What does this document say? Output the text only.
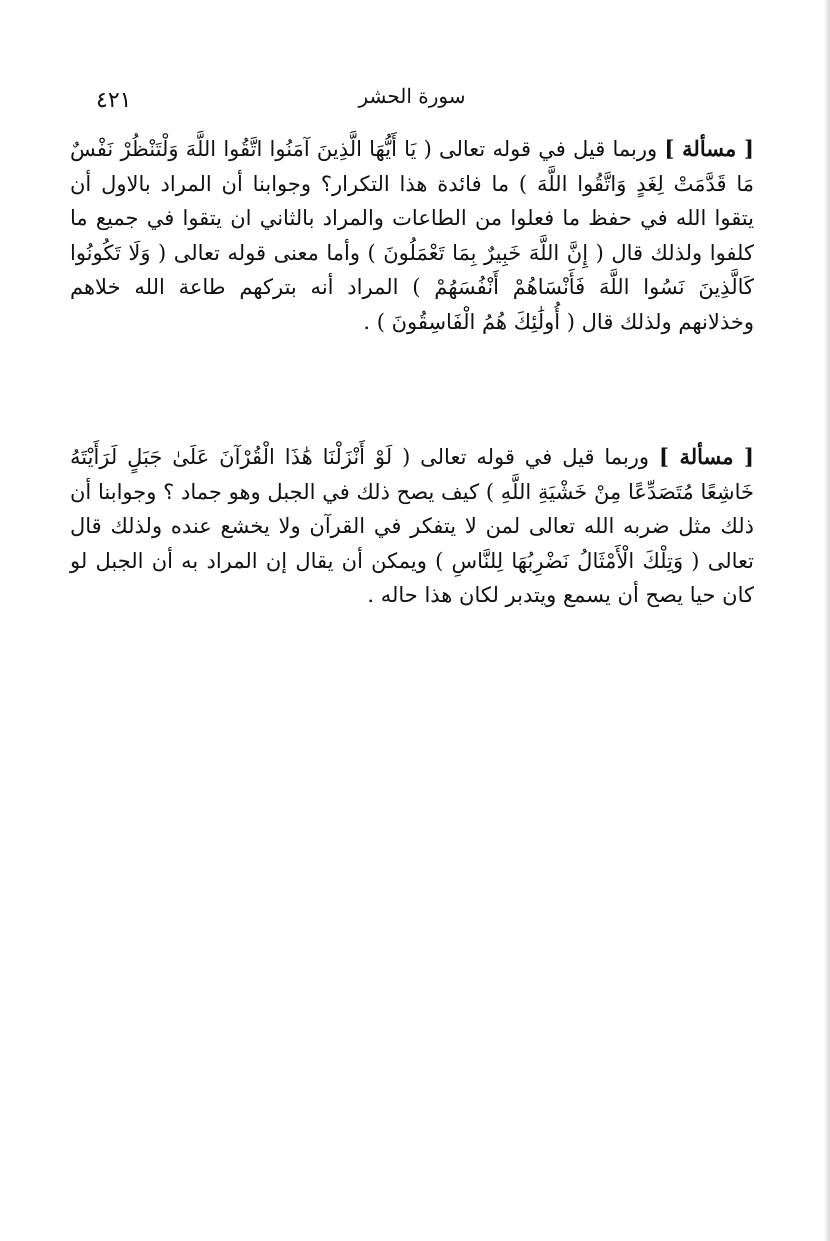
٤٢١	سورة الحشر
[ مسألة ] وربما قيل في قوله تعالى ( يَا أَيُّهَا الَّذِينَ آمَنُوا اتَّقُوا اللَّهَ وَلْتَنْظُرْ نَفْسٌ مَا قَدَّمَتْ لِغَدٍ وَاتَّقُوا اللَّهَ ) ما فائدة هذا التكرار؟ وجوابنا أن المراد بالاول أن يتقوا الله في حفظ ما فعلوا من الطاعات والمراد بالثاني ان يتقوا في جميع ما كلفوا ولذلك قال ( إِنَّ اللَّهَ خَبِيرٌ بِمَا تَعْمَلُونَ ) وأما معنى قوله تعالى ( وَلَا تَكُونُوا كَالَّذِينَ نَسُوا اللَّهَ فَأَنْسَاهُمْ أَنْفُسَهُمْ ) المراد أنه بتركهم طاعة الله خلاهم وخذلانهم ولذلك قال ( أُولَٰئِكَ هُمُ الْفَاسِقُونَ ) .
[ مسألة ] وربما قيل في قوله تعالى ( لَوْ أَنْزَلْنَا هَٰذَا الْقُرْآنَ عَلَىٰ جَبَلٍ لَرَأَيْتَهُ خَاشِعًا مُتَصَدِّعًا مِنْ خَشْيَةِ اللَّهِ ) كيف يصح ذلك في الجبل وهو جماد ؟ وجوابنا أن ذلك مثل ضربه الله تعالى لمن لا يتفكر في القرآن ولا يخشع عنده ولذلك قال تعالى ( وَتِلْكَ الْأَمْثَالُ نَضْرِبُهَا لِلنَّاسِ ) ويمكن أن يقال إن المراد به أن الجبل لو كان حيا يصح أن يسمع ويتدبر لكان هذا حاله .
